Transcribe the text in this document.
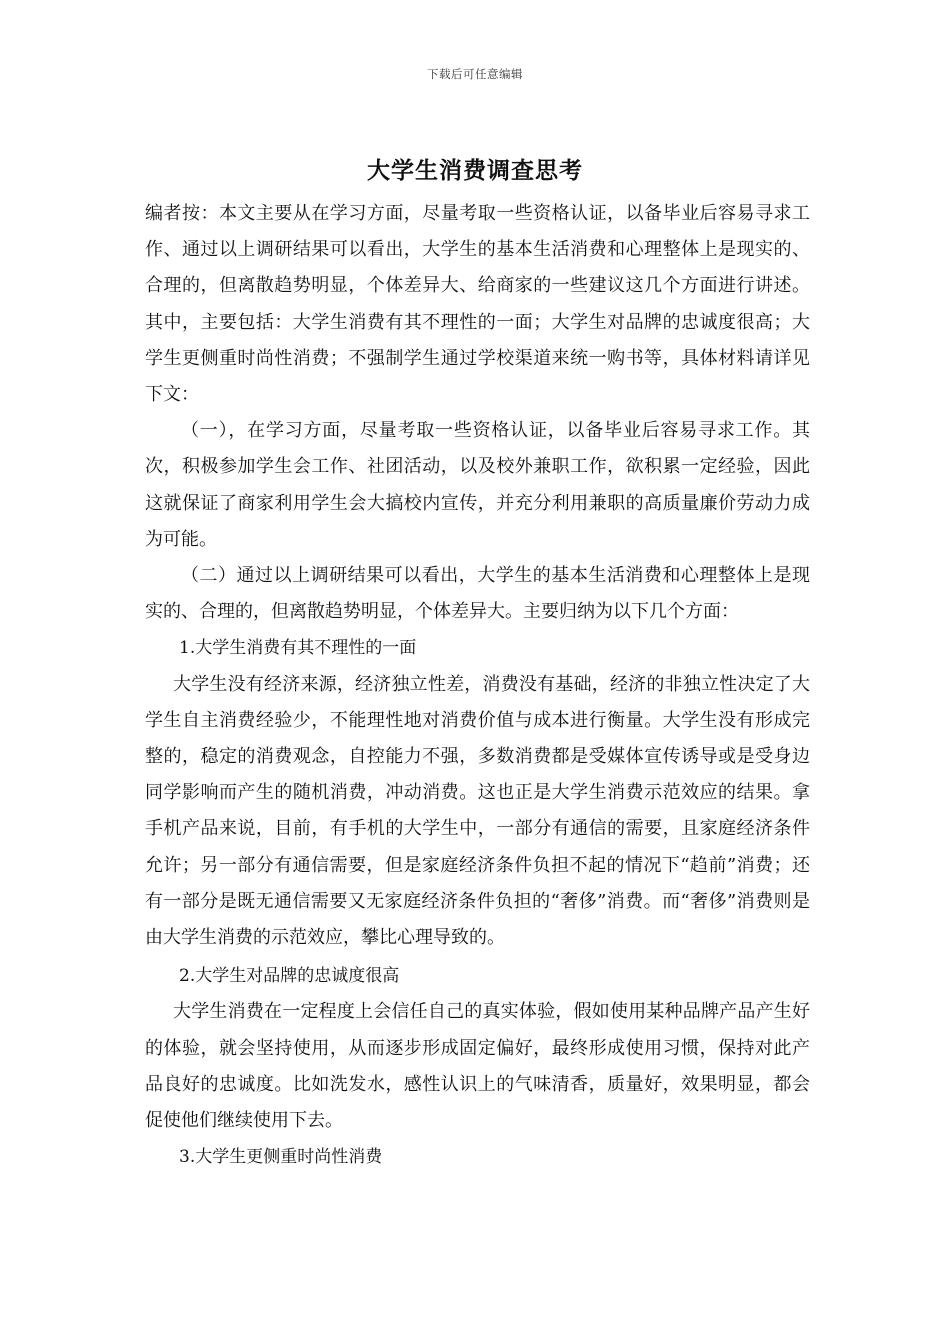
下载后可任意编辑
大学生消费调查思考

编者按：本文主要从在学习方面，尽量考取一些资格认证，以备毕业后容易寻求工作、通过以上调研结果可以看出，大学生的基本生活消费和心理整体上是现实的、合理的，但离散趋势明显，个体差异大、给商家的一些建议这几个方面进行讲述。其中，主要包括：大学生消费有其不理性的一面；大学生对品牌的忠诚度很高；大学生更侧重时尚性消费；不强制学生通过学校渠道来统一购书等，具体材料请详见下文：

（一），在学习方面，尽量考取一些资格认证，以备毕业后容易寻求工作。其次，积极参加学生会工作、社团活动，以及校外兼职工作，欲积累一定经验，因此这就保证了商家利用学生会大搞校内宣传，并充分利用兼职的高质量廉价劳动力成为可能。

（二）通过以上调研结果可以看出，大学生的基本生活消费和心理整体上是现实的、合理的，但离散趋势明显，个体差异大。主要归纳为以下几个方面：

1.大学生消费有其不理性的一面

大学生没有经济来源，经济独立性差，消费没有基础，经济的非独立性决定了大学生自主消费经验少，不能理性地对消费价值与成本进行衡量。大学生没有形成完整的，稳定的消费观念，自控能力不强，多数消费都是受媒体宣传诱导或是受身边同学影响而产生的随机消费，冲动消费。这也正是大学生消费示范效应的结果。拿手机产品来说，目前，有手机的大学生中，一部分有通信的需要，且家庭经济条件允许；另一部分有通信需要，但是家庭经济条件负担不起的情况下“趋前”消费；还有一部分是既无通信需要又无家庭经济条件负担的“奢侈”消费。而“奢侈”消费则是由大学生消费的示范效应，攀比心理导致的。

2.大学生对品牌的忠诚度很高

大学生消费在一定程度上会信任自己的真实体验，假如使用某种品牌产品产生好的体验，就会坚持使用，从而逐步形成固定偏好，最终形成使用习惯，保持对此产品良好的忠诚度。比如洗发水，感性认识上的气味清香，质量好，效果明显，都会促使他们继续使用下去。

3.大学生更侧重时尚性消费
